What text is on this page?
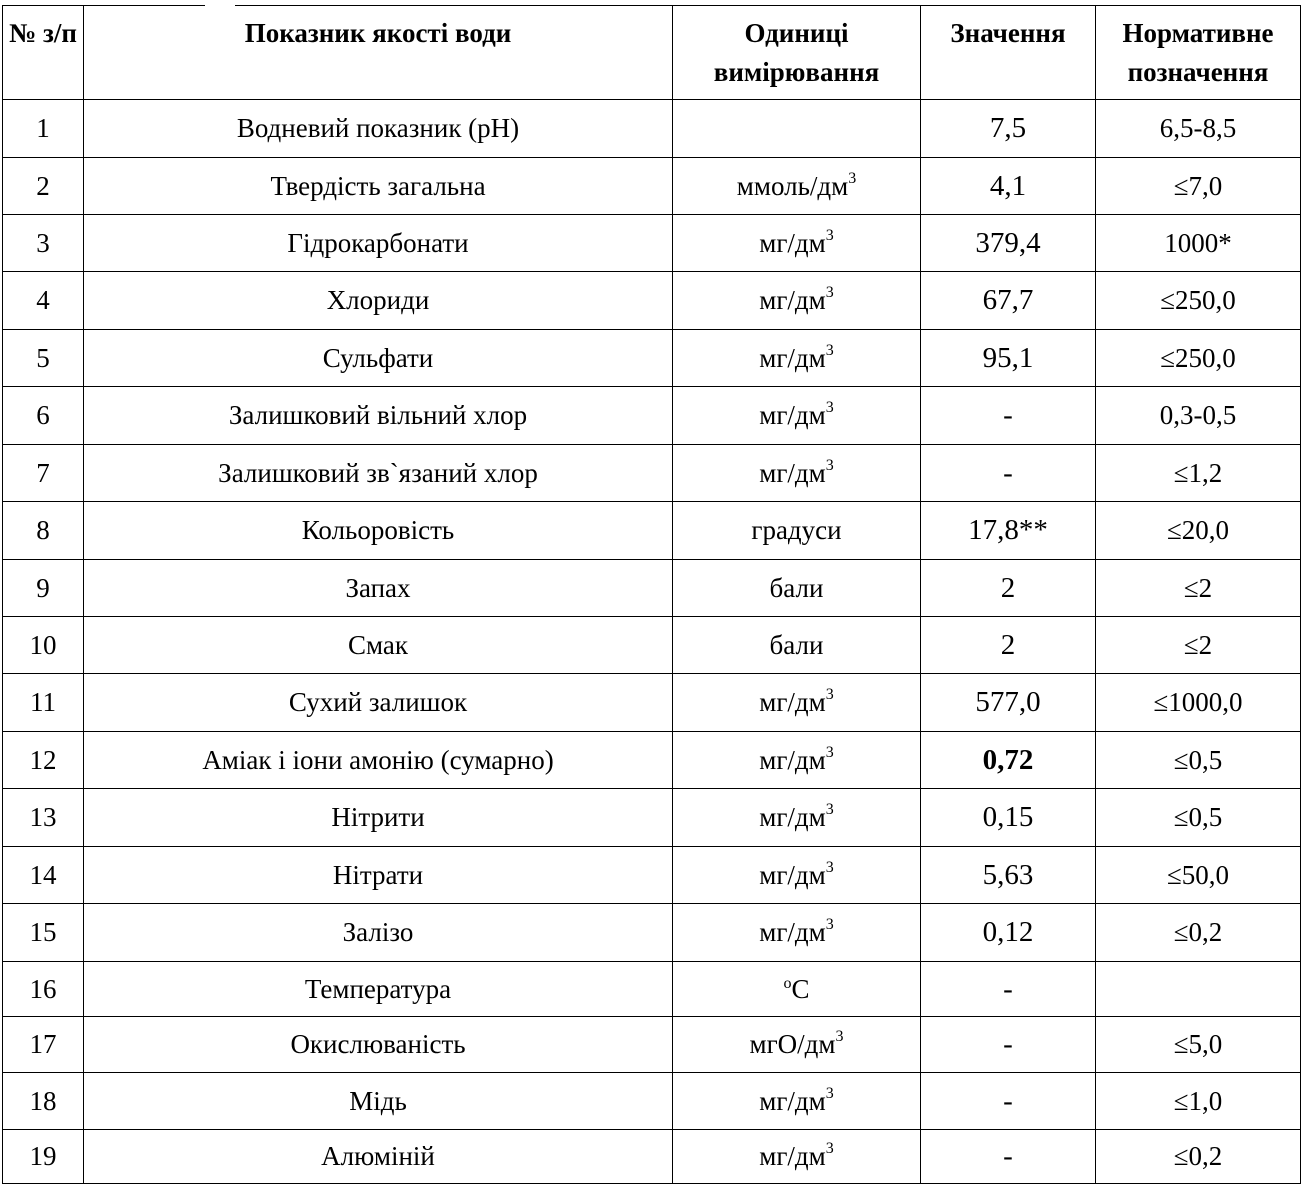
№ з/п	Показник якості води	Одиниці вимірювання	Значення	Нормативне позначення
1	Водневий показник (pH)		7,5	6,5-8,5
2	Твердість загальна	ммоль/$дм^3$	4,1	≤7,0
3	Гідрокарбонати	$мг/дм^3$	379,4	1000*
4	Хлориди	$мг/дм^3$	67,7	≤250,0
5	Сульфати	$мг/дм^3$	95,1	≤250,0
6	Залишковий вільний хлор	$мг/дм^3$	-	0,3-0,5
7	Залишковий зв`язаний хлор	$мг/дм^3$	-	≤1,2
8	Кольоровість	градуси	17,8**	≤20,0
9	Запах	бали	2	≤2
10	Смак	бали	2	≤2
11	Сухий залишок	$мг/дм^3$	577,0	≤1000,0
12	Аміак і іони амонію (сумарно)	$мг/дм^3$	0,72	≤0,5
13	Нітрити	$мг/дм^3$	0,15	≤0,5
14	Нітрати	$мг/дм^3$	5,63	≤50,0
15	Залізо	$мг/дм^3$	0,12	≤0,2
16	Температура	$^о$С	-	
17	Окислюваність	мгО/$дм^3$	-	≤5,0
18	Мідь	$мг/дм^3$	-	≤1,0
19	Алюміній	$мг/дм^3$	-	≤0,2
